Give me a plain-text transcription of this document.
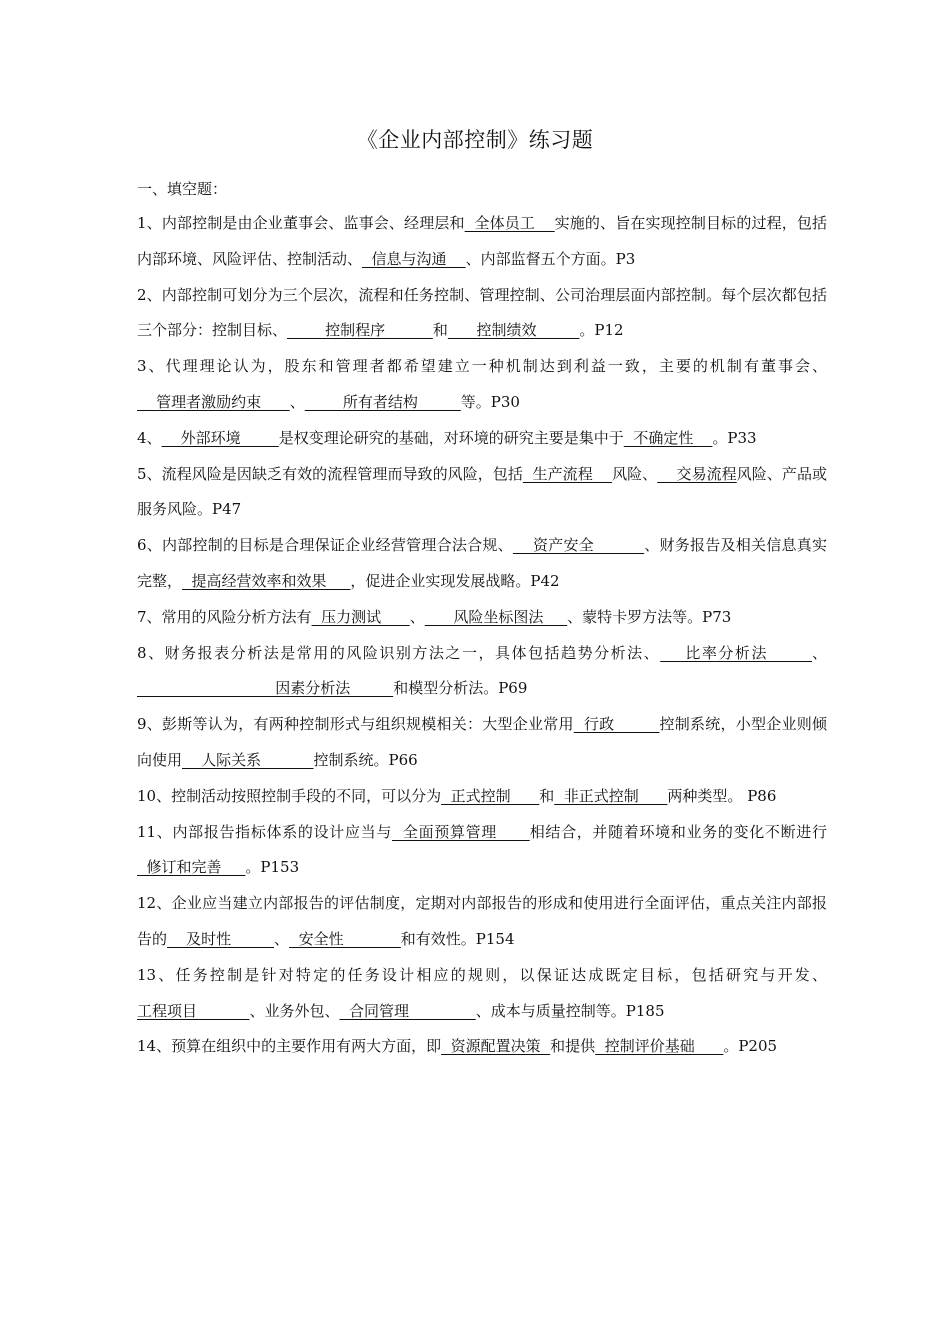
《企业内部控制》练习题
一、填空题：
1、内部控制是由企业董事会、监事会、经理层和  全体员工    实施的、旨在实现控制目标的过程，包括内部环境、风险评估、控制活动、  信息与沟通    、内部监督五个方面。P3
2、内部控制可划分为三个层次，流程和任务控制、管理控制、公司治理层面内部控制。每个层次都包括三个部分：控制目标、        控制程序          和      控制绩效         。P12
3、代理理论认为，股东和管理者都希望建立一种机制达到利益一致，主要的机制有董事会、    管理者激励约束      、        所有者结构         等。P30
4、    外部环境        是权变理论研究的基础，对环境的研究主要是集中于  不确定性    。P33
5、流程风险是因缺乏有效的流程管理而导致的风险，包括  生产流程    风险、    交易流程风险、产品或服务风险。P47
6、内部控制的目标是合理保证企业经营管理合法合规、    资产安全          、财务报告及相关信息真实完整，  提高经营效率和效果     ，促进企业实现发展战略。P42
7、常用的风险分析方法有  压力测试      、      风险坐标图法     、蒙特卡罗方法等。P73
8、财务报表分析法是常用的风险识别方法之一，具体包括趋势分析法、    比率分析法       、                             因素分析法         和模型分析法。P69
9、彭斯等认为，有两种控制形式与组织规模相关：大型企业常用  行政         控制系统，小型企业则倾向使用    人际关系           控制系统。P66
10、控制活动按照控制手段的不同，可以分为  正式控制      和  非正式控制      两种类型。 P86
11、内部报告指标体系的设计应当与  全面预算管理      相结合，并随着环境和业务的变化不断进行  修订和完善     。P153
12、企业应当建立内部报告的评估制度，定期对内部报告的形成和使用进行全面评估，重点关注内部报告的    及时性         、  安全性            和有效性。P154
13、任务控制是针对特定的任务设计相应的规则，以保证达成既定目标，包括研究与开发、工程项目           、业务外包、  合同管理              、成本与质量控制等。P185
14、预算在组织中的主要作用有两大方面，即  资源配置决策  和提供  控制评价基础      。P205
